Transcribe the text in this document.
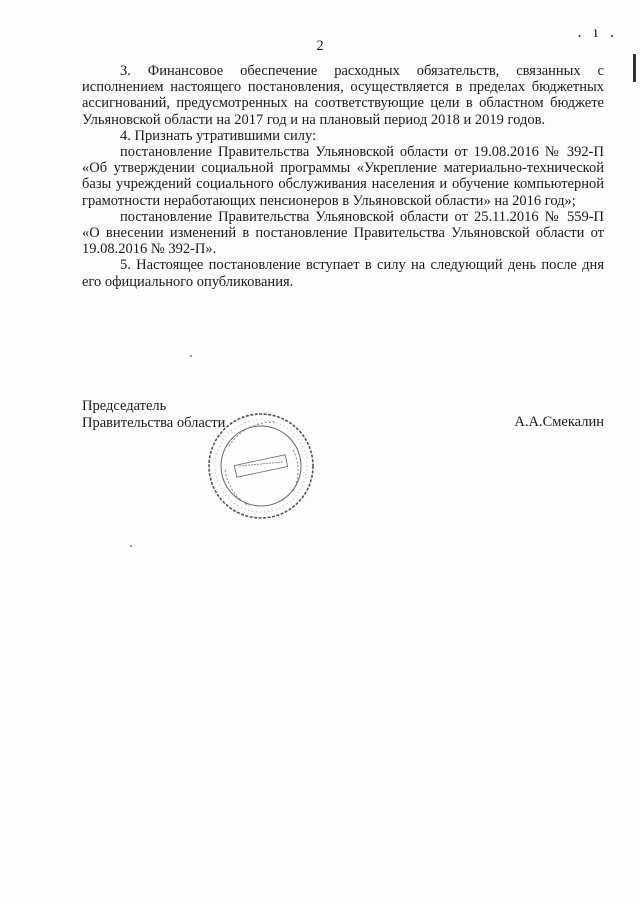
2
. ı .

3. Финансовое обеспечение расходных обязательств, связанных с исполнением настоящего постановления, осуществляется в пределах бюджетных ассигнований, предусмотренных на соответствующие цели в областном бюджете Ульяновской области на 2017 год и на плановый период 2018 и 2019 годов.

4. Признать утратившими силу:

постановление Правительства Ульяновской области от 19.08.2016 № 392-П «Об утверждении социальной программы «Укрепление материально-технической базы учреждений социального обслуживания населения и обучение компьютерной грамотности неработающих пенсионеров в Ульяновской области» на 2016 год»;

постановление Правительства Ульяновской области от 25.11.2016 № 559-П «О внесении изменений в постановление Правительства Ульяновской области от 19.08.2016 № 392-П».

5. Настоящее постановление вступает в силу на следующий день после дня его официального опубликования.

Председатель
Правительства области	А.А.Смекалин
